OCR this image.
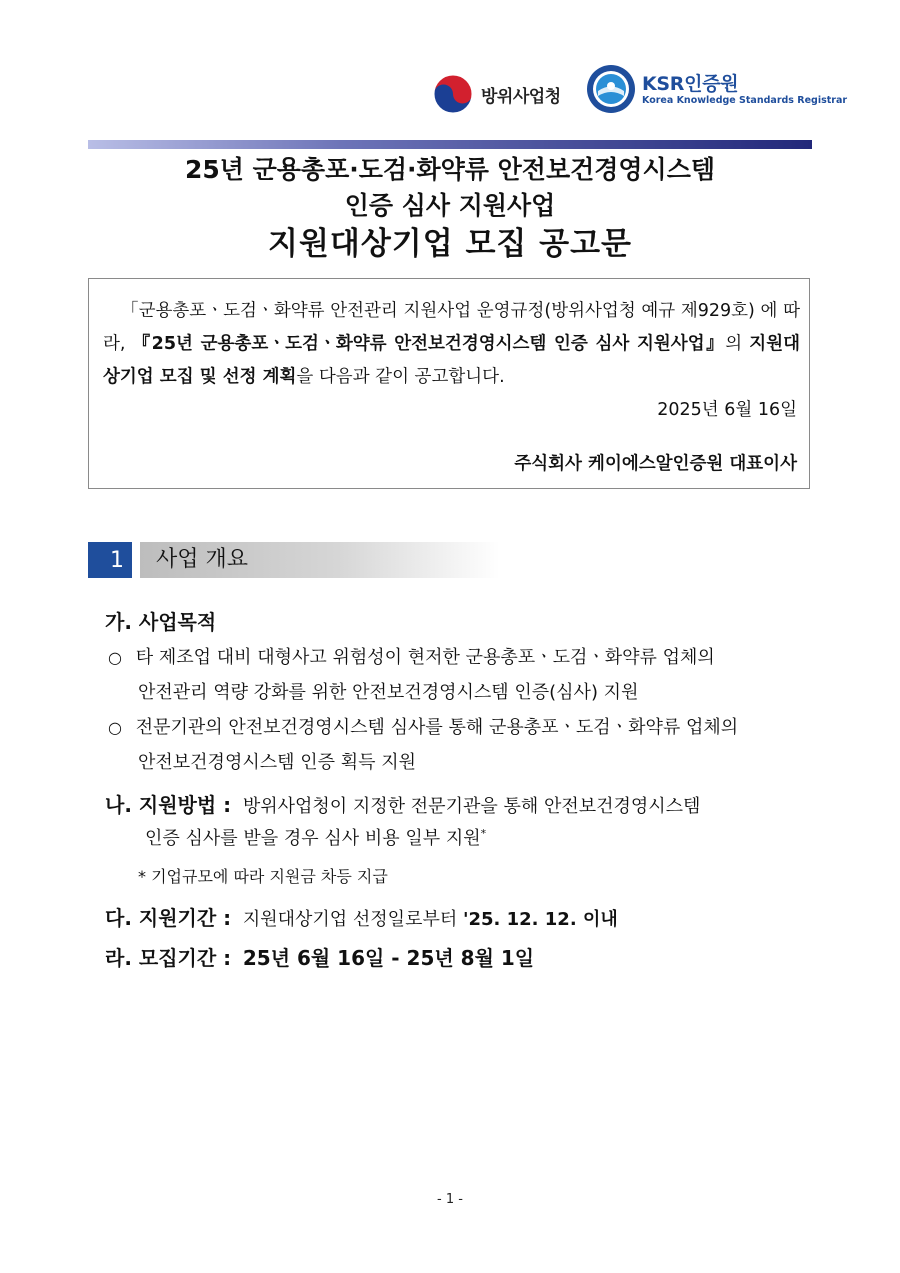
방위사업청
KSR인증원
Korea Knowledge Standards Registrar
25년 군용총포·도검·화약류 안전보건경영시스템
인증 심사 지원사업
지원대상기업 모집 공고문
「군용총포ㆍ도검ㆍ화약류 안전관리 지원사업 운영규정(방위사업청 예규 제929호) 에 따라, 『25년 군용총포ㆍ도검ㆍ화약류 안전보건경영시스템 인증 심사 지원사업』의 지원대상기업 모집 및 선정 계획을 다음과 같이 공고합니다.
2025년 6월 16일
주식회사 케이에스알인증원 대표이사
1	사업 개요
가. 사업목적
○ 타 제조업 대비 대형사고 위험성이 현저한 군용총포ㆍ도검ㆍ화약류 업체의
안전관리 역량 강화를 위한 안전보건경영시스템 인증(심사) 지원
○ 전문기관의 안전보건경영시스템 심사를 통해 군용총포ㆍ도검ㆍ화약류 업체의
안전보건경영시스템 인증 획득 지원
나. 지원방법 : 방위사업청이 지정한 전문기관을 통해 안전보건경영시스템
인증 심사를 받을 경우 심사 비용 일부 지원*
* 기업규모에 따라 지원금 차등 지급
다. 지원기간 : 지원대상기업 선정일로부터 '25. 12. 12. 이내
라. 모집기간 : 25년 6월 16일 - 25년 8월 1일
- 1 -
